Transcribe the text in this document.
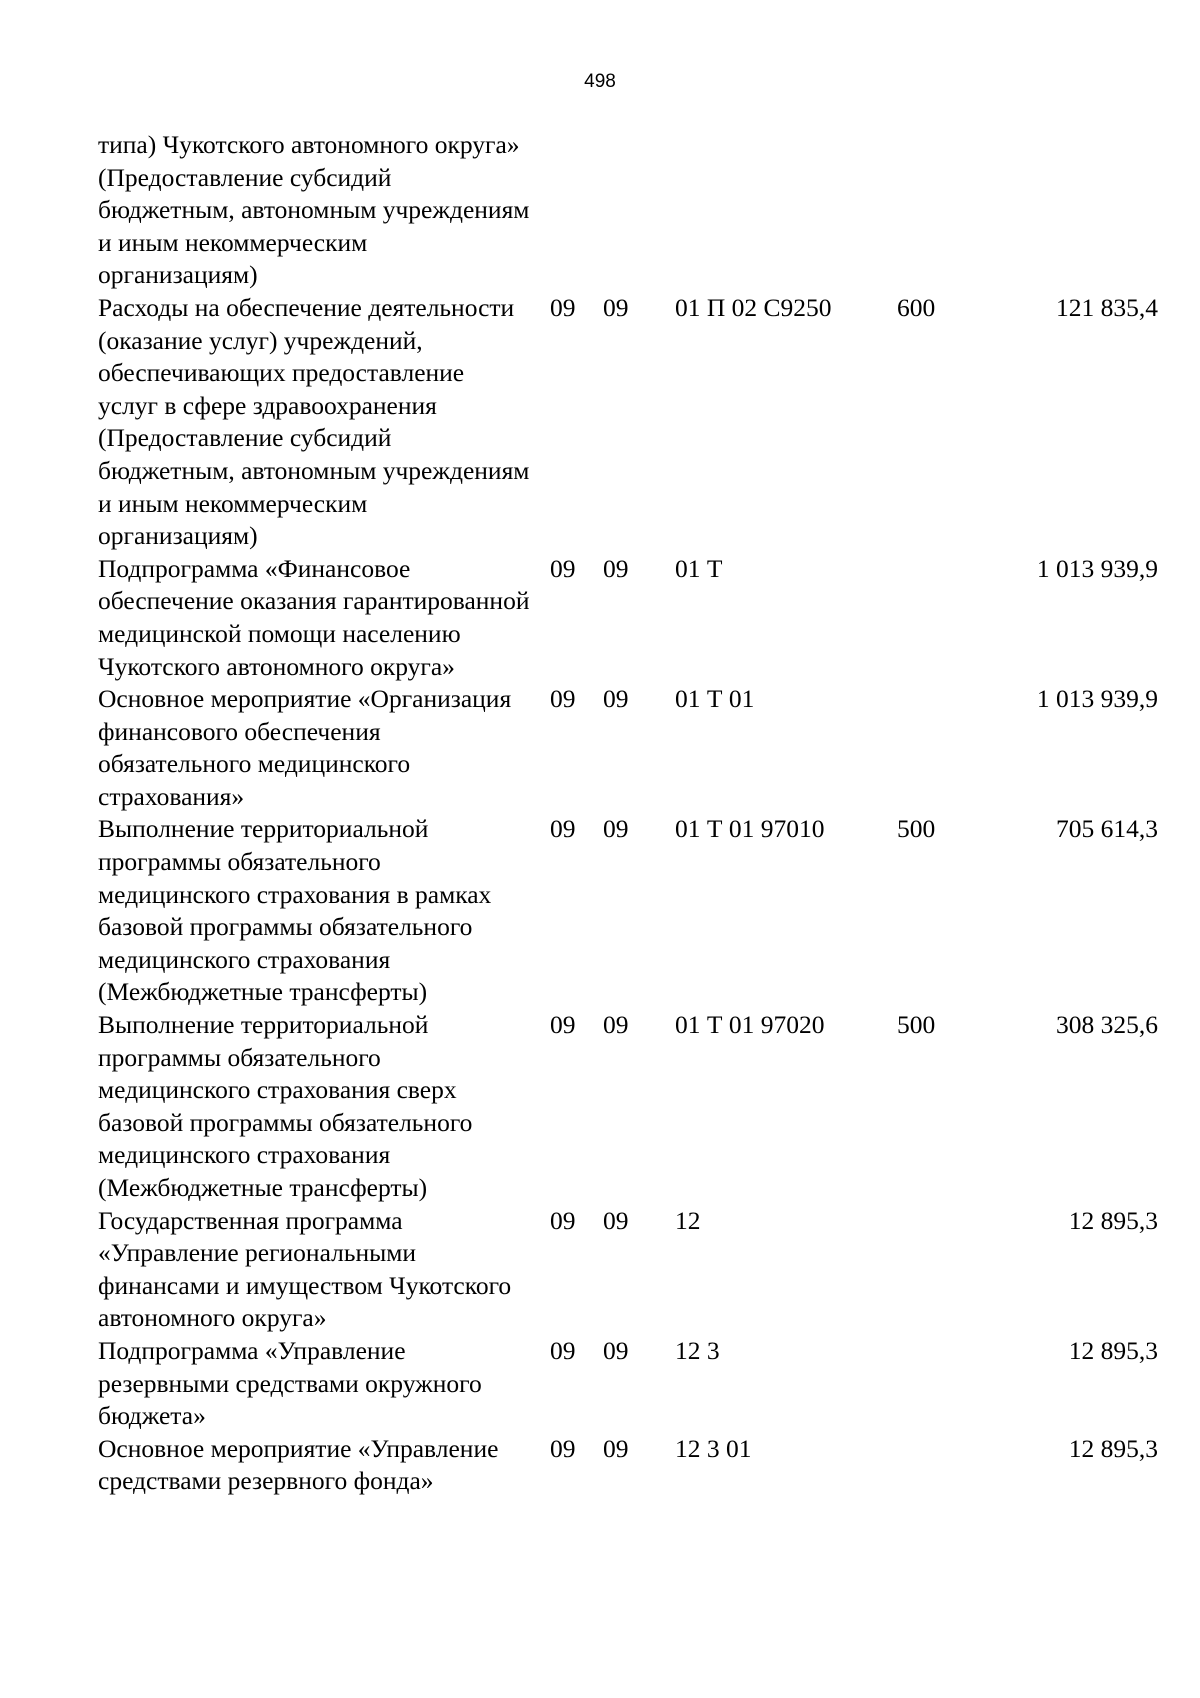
498
типа) Чукотского автономного округа» (Предоставление субсидий бюджетным, автономным учреждениям и иным некоммерческим организациям)					
Расходы на обеспечение деятельности (оказание услуг) учреждений, обеспечивающих предоставление услуг в сфере здравоохранения (Предоставление субсидий бюджетным, автономным учреждениям и иным некоммерческим организациям)	09	09	01 П 02 С9250	600	121 835,4
Подпрограмма «Финансовое обеспечение оказания гарантированной медицинской помощи населению Чукотского автономного округа»	09	09	01 Т		1 013 939,9
Основное мероприятие «Организация финансового обеспечения обязательного медицинского страхования»	09	09	01 Т 01		1 013 939,9
Выполнение территориальной программы обязательного медицинского страхования в рамках базовой программы обязательного медицинского страхования (Межбюджетные трансферты)	09	09	01 Т 01 97010	500	705 614,3
Выполнение территориальной программы обязательного медицинского страхования сверх базовой программы обязательного медицинского страхования (Межбюджетные трансферты)	09	09	01 Т 01 97020	500	308 325,6
Государственная программа «Управление региональными финансами и имуществом Чукотского автономного округа»	09	09	12		12 895,3
Подпрограмма «Управление резервными средствами окружного бюджета»	09	09	12 3		12 895,3
Основное мероприятие «Управление средствами резервного фонда»	09	09	12 3 01		12 895,3
